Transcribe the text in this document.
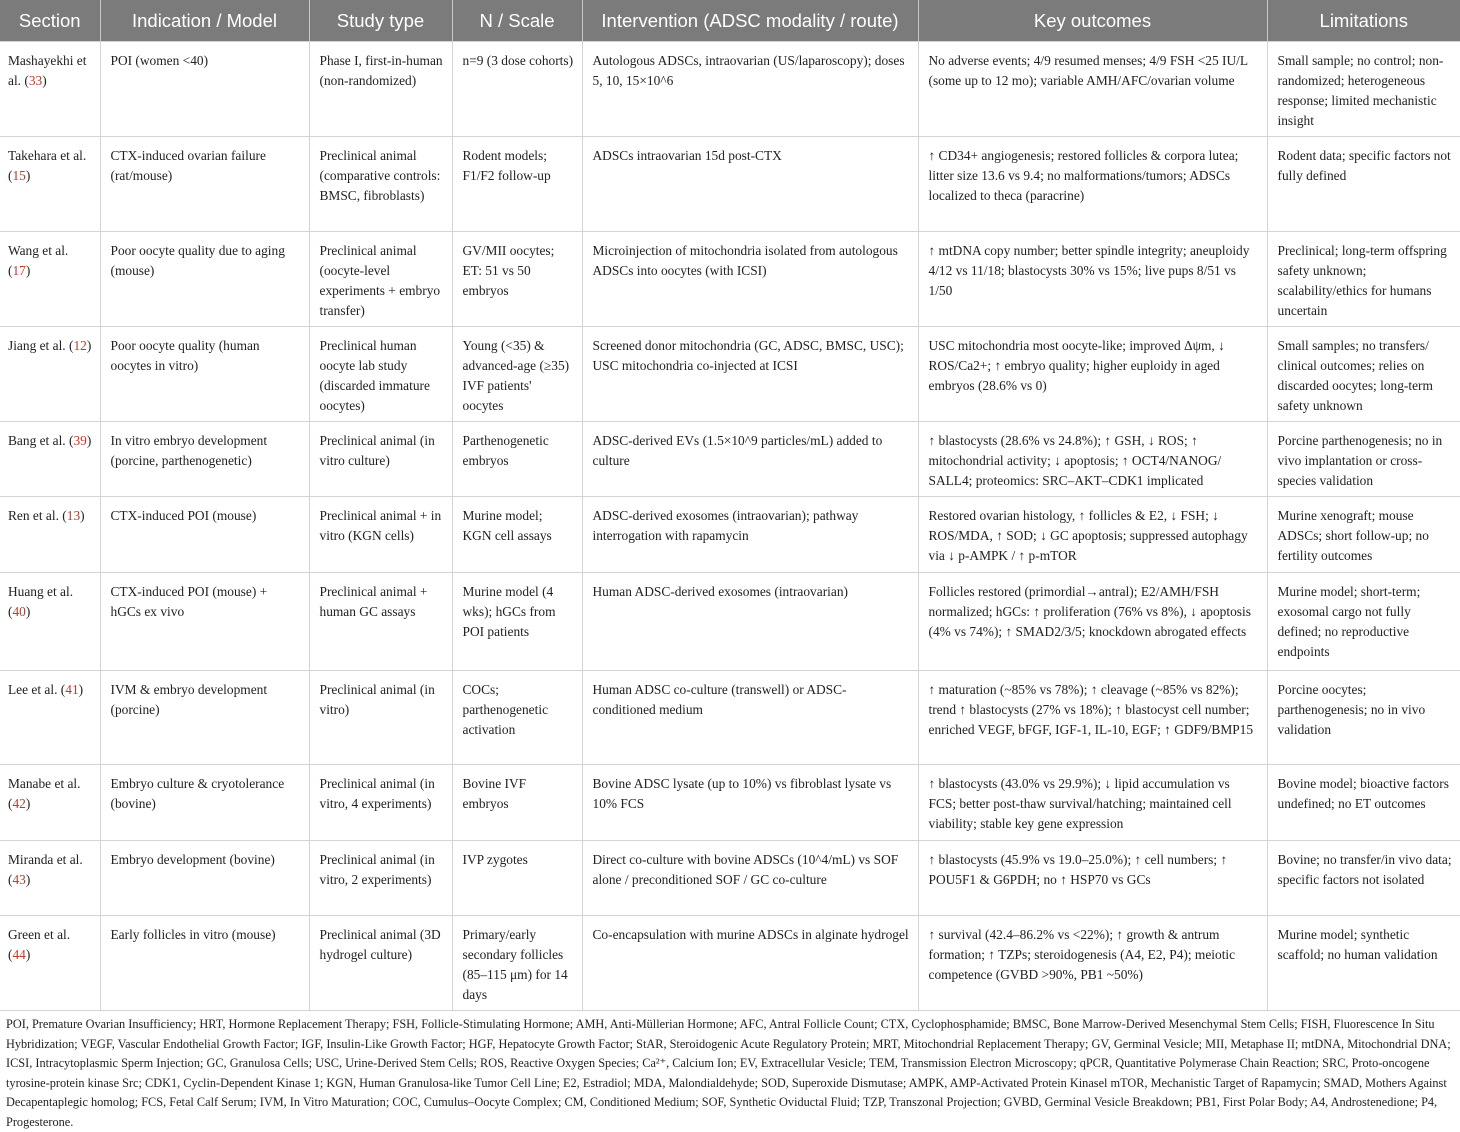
Section	Indication / Model	Study type	N / Scale	Intervention (ADSC modality / route)	Key outcomes	Limitations
Mashayekhi et al. (33)	POI (women <40)	Phase I, first-in-human (non-randomized)	n=9 (3 dose cohorts)	Autologous ADSCs, intraovarian (US/laparoscopy); doses 5, 10, 15×10^6	No adverse events; 4/9 resumed menses; 4/9 FSH <25 IU/L (some up to 12 mo); variable AMH/AFC/ovarian volume	Small sample; no control; non-randomized; heterogeneous response; limited mechanistic insight
Takehara et al. (15)	CTX-induced ovarian failure (rat/mouse)	Preclinical animal (comparative controls: BMSC, fibroblasts)	Rodent models; F1/F2 follow-up	ADSCs intraovarian 15d post-CTX	↑ CD34+ angiogenesis; restored follicles & corpora lutea; litter size 13.6 vs 9.4; no malformations/tumors; ADSCs localized to theca (paracrine)	Rodent data; specific factors not fully defined
Wang et al. (17)	Poor oocyte quality due to aging (mouse)	Preclinical animal (oocyte-level experiments + embryo transfer)	GV/MII oocytes; ET: 51 vs 50 embryos	Microinjection of mitochondria isolated from autologous ADSCs into oocytes (with ICSI)	↑ mtDNA copy number; better spindle integrity; aneuploidy 4/12 vs 11/18; blastocysts 30% vs 15%; live pups 8/51 vs 1/50	Preclinical; long-term offspring safety unknown; scalability/ethics for humans uncertain
Jiang et al. (12)	Poor oocyte quality (human oocytes in vitro)	Preclinical human oocyte lab study (discarded immature oocytes)	Young (<35) & advanced-age (≥35) IVF patients' oocytes	Screened donor mitochondria (GC, ADSC, BMSC, USC); USC mitochondria co-injected at ICSI	USC mitochondria most oocyte-like; improved Δψm, ↓ ROS/Ca2+; ↑ embryo quality; higher euploidy in aged embryos (28.6% vs 0)	Small samples; no transfers/ clinical outcomes; relies on discarded oocytes; long-term safety unknown
Bang et al. (39)	In vitro embryo development (porcine, parthenogenetic)	Preclinical animal (in vitro culture)	Parthenogenetic embryos	ADSC-derived EVs (1.5×10^9 particles/mL) added to culture	↑ blastocysts (28.6% vs 24.8%); ↑ GSH, ↓ ROS; ↑ mitochondrial activity; ↓ apoptosis; ↑ OCT4/NANOG/ SALL4; proteomics: SRC–AKT–CDK1 implicated	Porcine parthenogenesis; no in vivo implantation or cross-species validation
Ren et al. (13)	CTX-induced POI (mouse)	Preclinical animal + in vitro (KGN cells)	Murine model; KGN cell assays	ADSC-derived exosomes (intraovarian); pathway interrogation with rapamycin	Restored ovarian histology, ↑ follicles & E2, ↓ FSH; ↓ ROS/MDA, ↑ SOD; ↓ GC apoptosis; suppressed autophagy via ↓ p-AMPK / ↑ p-mTOR	Murine xenograft; mouse ADSCs; short follow-up; no fertility outcomes
Huang et al. (40)	CTX-induced POI (mouse) + hGCs ex vivo	Preclinical animal + human GC assays	Murine model (4 wks); hGCs from POI patients	Human ADSC-derived exosomes (intraovarian)	Follicles restored (primordial→antral); E2/AMH/FSH normalized; hGCs: ↑ proliferation (76% vs 8%), ↓ apoptosis (4% vs 74%); ↑ SMAD2/3/5; knockdown abrogated effects	Murine model; short-term; exosomal cargo not fully defined; no reproductive endpoints
Lee et al. (41)	IVM & embryo development (porcine)	Preclinical animal (in vitro)	COCs; parthenogenetic activation	Human ADSC co-culture (transwell) or ADSC-conditioned medium	↑ maturation (~85% vs 78%); ↑ cleavage (~85% vs 82%); trend ↑ blastocysts (27% vs 18%); ↑ blastocyst cell number; enriched VEGF, bFGF, IGF-1, IL-10, EGF; ↑ GDF9/BMP15	Porcine oocytes; parthenogenesis; no in vivo validation
Manabe et al. (42)	Embryo culture & cryotolerance (bovine)	Preclinical animal (in vitro, 4 experiments)	Bovine IVF embryos	Bovine ADSC lysate (up to 10%) vs fibroblast lysate vs 10% FCS	↑ blastocysts (43.0% vs 29.9%); ↓ lipid accumulation vs FCS; better post-thaw survival/hatching; maintained cell viability; stable key gene expression	Bovine model; bioactive factors undefined; no ET outcomes
Miranda et al. (43)	Embryo development (bovine)	Preclinical animal (in vitro, 2 experiments)	IVP zygotes	Direct co-culture with bovine ADSCs (10^4/mL) vs SOF alone / preconditioned SOF / GC co-culture	↑ blastocysts (45.9% vs 19.0–25.0%); ↑ cell numbers; ↑ POU5F1 & G6PDH; no ↑ HSP70 vs GCs	Bovine; no transfer/in vivo data; specific factors not isolated
Green et al. (44)	Early follicles in vitro (mouse)	Preclinical animal (3D hydrogel culture)	Primary/early secondary follicles (85–115 μm) for 14 days	Co-encapsulation with murine ADSCs in alginate hydrogel	↑ survival (42.4–86.2% vs <22%); ↑ growth & antrum formation; ↑ TZPs; steroidogenesis (A4, E2, P4); meiotic competence (GVBD >90%, PB1 ~50%)	Murine model; synthetic scaffold; no human validation
POI, Premature Ovarian Insufficiency; HRT, Hormone Replacement Therapy; FSH, Follicle-Stimulating Hormone; AMH, Anti-Müllerian Hormone; AFC, Antral Follicle Count; CTX, Cyclophosphamide; BMSC, Bone Marrow-Derived Mesenchymal Stem Cells; FISH, Fluorescence In Situ Hybridization; VEGF, Vascular Endothelial Growth Factor; IGF, Insulin-Like Growth Factor; HGF, Hepatocyte Growth Factor; StAR, Steroidogenic Acute Regulatory Protein; MRT, Mitochondrial Replacement Therapy; GV, Germinal Vesicle; MII, Metaphase II; mtDNA, Mitochondrial DNA; ICSI, Intracytoplasmic Sperm Injection; GC, Granulosa Cells; USC, Urine-Derived Stem Cells; ROS, Reactive Oxygen Species; Ca²⁺, Calcium Ion; EV, Extracellular Vesicle; TEM, Transmission Electron Microscopy; qPCR, Quantitative Polymerase Chain Reaction; SRC, Proto-oncogene tyrosine-protein kinase Src; CDK1, Cyclin-Dependent Kinase 1; KGN, Human Granulosa-like Tumor Cell Line; E2, Estradiol; MDA, Malondialdehyde; SOD, Superoxide Dismutase; AMPK, AMP-Activated Protein Kinasel mTOR, Mechanistic Target of Rapamycin; SMAD, Mothers Against Decapentaplegic homolog; FCS, Fetal Calf Serum; IVM, In Vitro Maturation; COC, Cumulus–Oocyte Complex; CM, Conditioned Medium; SOF, Synthetic Oviductal Fluid; TZP, Transzonal Projection; GVBD, Germinal Vesicle Breakdown; PB1, First Polar Body; A4, Androstenedione; P4, Progesterone.
